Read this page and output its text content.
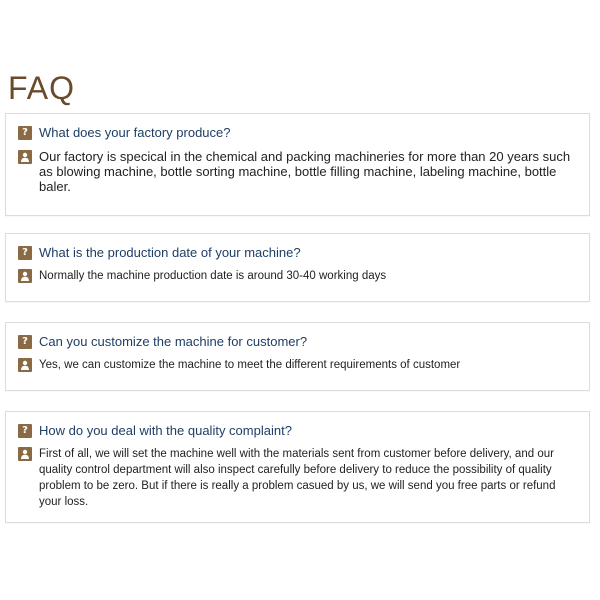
FAQ
? What does your factory produce?
Our factory is specical in the chemical and packing machineries for more than 20 years such as blowing machine, bottle sorting machine, bottle filling machine, labeling machine, bottle baler.
? What is the production date of your machine?
Normally the machine production date is around 30-40 working days
? Can you customize the machine for customer?
Yes, we can customize the machine to meet the different requirements of customer
? How do you deal with the quality complaint?
First of all, we will set the machine well with the materials sent from customer before delivery, and our quality control department will also inspect carefully before delivery to reduce the possibility of quality problem to be zero. But if there is really a problem casued by us, we will send you free parts or refund your loss.
